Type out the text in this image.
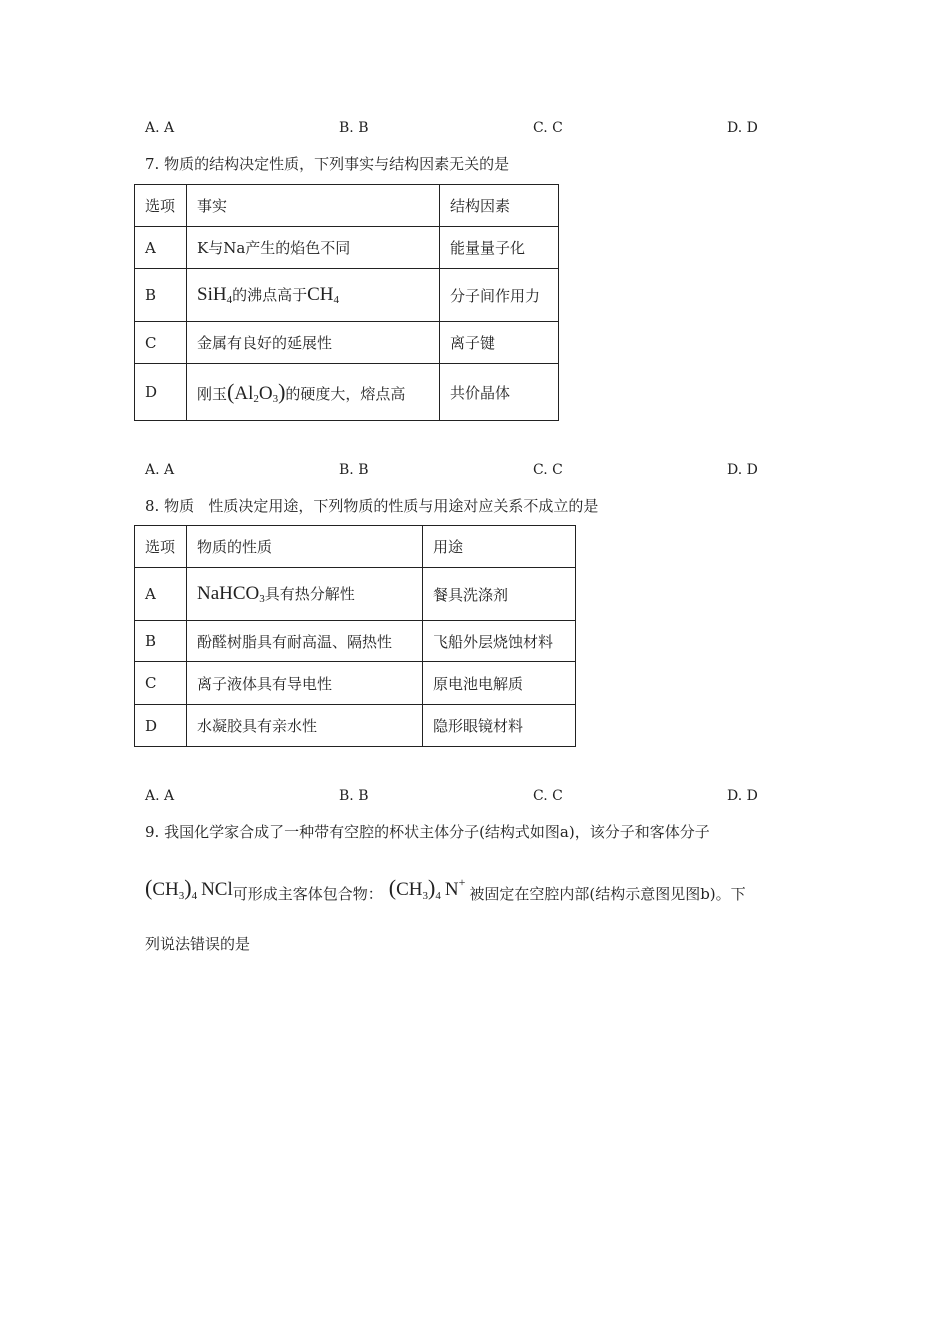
A. A	B. B	C. C	D. D
7. 物质的结构决定性质，下列事实与结构因素无关的是
选项	事实	结构因素
A	K与Na产生的焰色不同	能量量子化
B	SiH$_4$的沸点高于$CH_4$	分子间作用力
C	金属有良好的延展性	离子键
D	刚玉$(Al_2O_3)$的硬度大，熔点高	共价晶体
A. A	B. B	C. C	D. D
8. 物质   性质决定用途，下列物质的性质与用途对应关系不成立的是
选项	物质的性质	用途
A	NaHCO$_3$具有热分解性	餐具洗涤剂
B	酚醛树脂具有耐高温、隔热性	飞船外层烧蚀材料
C	离子液体具有导电性	原电池电解质
D	水凝胶具有亲水性	隐形眼镜材料
A. A	B. B	C. C	D. D
9. 我国化学家合成了一种带有空腔的杯状主体分子(结构式如图a)，该分子和客体分子
$(CH_3)_4$ NCl可形成主客体包合物： $(CH_3)_4$ N+被固定在空腔内部(结构示意图见图b)。下
列说法错误的是
